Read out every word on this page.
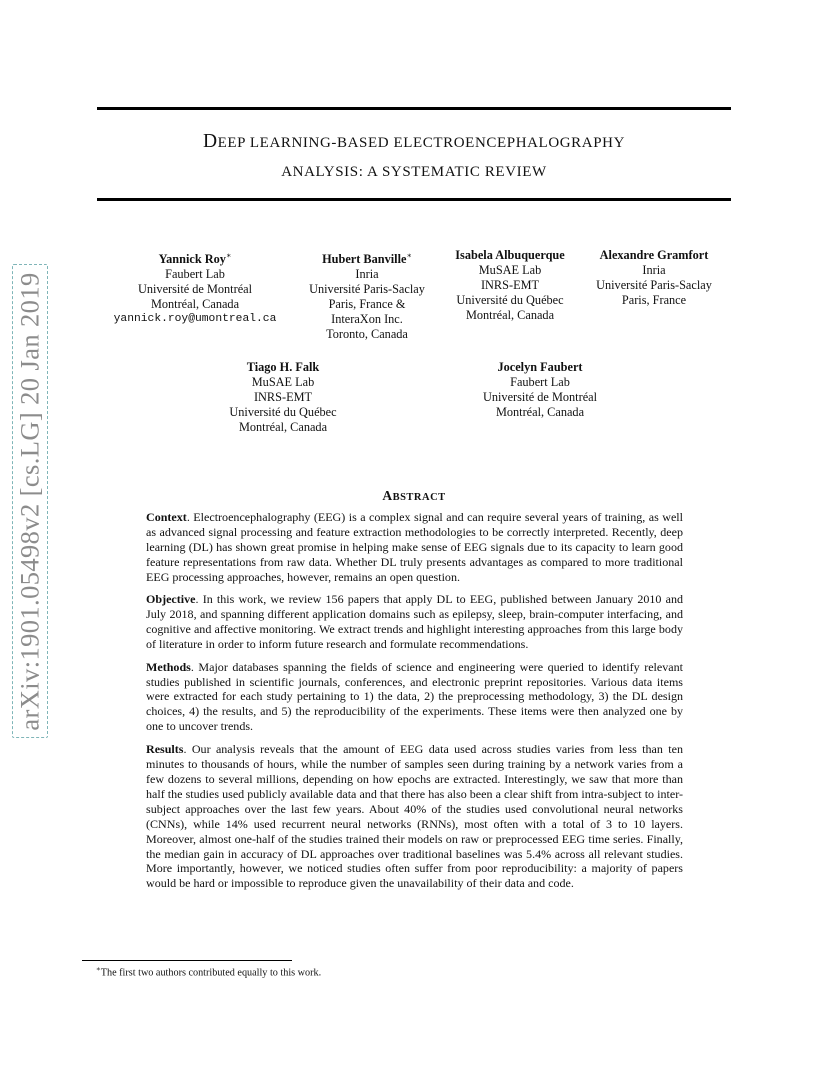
arXiv:1901.05498v2 [cs.LG] 20 Jan 2019
DEEP LEARNING-BASED ELECTROENCEPHALOGRAPHY
ANALYSIS: A SYSTEMATIC REVIEW
Yannick Roy∗
Faubert Lab
Université de Montréal
Montréal, Canada
yannick.roy@umontreal.ca
Hubert Banville∗
Inria
Université Paris-Saclay
Paris, France &
InteraXon Inc.
Toronto, Canada
Isabela Albuquerque
MuSAE Lab
INRS-EMT
Université du Québec
Montréal, Canada
Alexandre Gramfort
Inria
Université Paris-Saclay
Paris, France
Tiago H. Falk
MuSAE Lab
INRS-EMT
Université du Québec
Montréal, Canada
Jocelyn Faubert
Faubert Lab
Université de Montréal
Montréal, Canada
ABSTRACT

Context. Electroencephalography (EEG) is a complex signal and can require several years of training, as well as advanced signal processing and feature extraction methodologies to be correctly interpreted. Recently, deep learning (DL) has shown great promise in helping make sense of EEG signals due to its capacity to learn good feature representations from raw data. Whether DL truly presents advantages as compared to more traditional EEG processing approaches, however, remains an open question.

Objective. In this work, we review 156 papers that apply DL to EEG, published between January 2010 and July 2018, and spanning different application domains such as epilepsy, sleep, brain-computer interfacing, and cognitive and affective monitoring. We extract trends and highlight interesting approaches from this large body of literature in order to inform future research and formulate recommendations.

Methods. Major databases spanning the fields of science and engineering were queried to identify relevant studies published in scientific journals, conferences, and electronic preprint repositories. Various data items were extracted for each study pertaining to 1) the data, 2) the preprocessing methodology, 3) the DL design choices, 4) the results, and 5) the reproducibility of the experiments. These items were then analyzed one by one to uncover trends.

Results. Our analysis reveals that the amount of EEG data used across studies varies from less than ten minutes to thousands of hours, while the number of samples seen during training by a network varies from a few dozens to several millions, depending on how epochs are extracted. Interestingly, we saw that more than half the studies used publicly available data and that there has also been a clear shift from intra-subject to inter-subject approaches over the last few years. About 40% of the studies used convolutional neural networks (CNNs), while 14% used recurrent neural networks (RNNs), most often with a total of 3 to 10 layers. Moreover, almost one-half of the studies trained their models on raw or preprocessed EEG time series. Finally, the median gain in accuracy of DL approaches over traditional baselines was 5.4% across all relevant studies. More importantly, however, we noticed studies often suffer from poor reproducibility: a majority of papers would be hard or impossible to reproduce given the unavailability of their data and code.

∗The first two authors contributed equally to this work.
